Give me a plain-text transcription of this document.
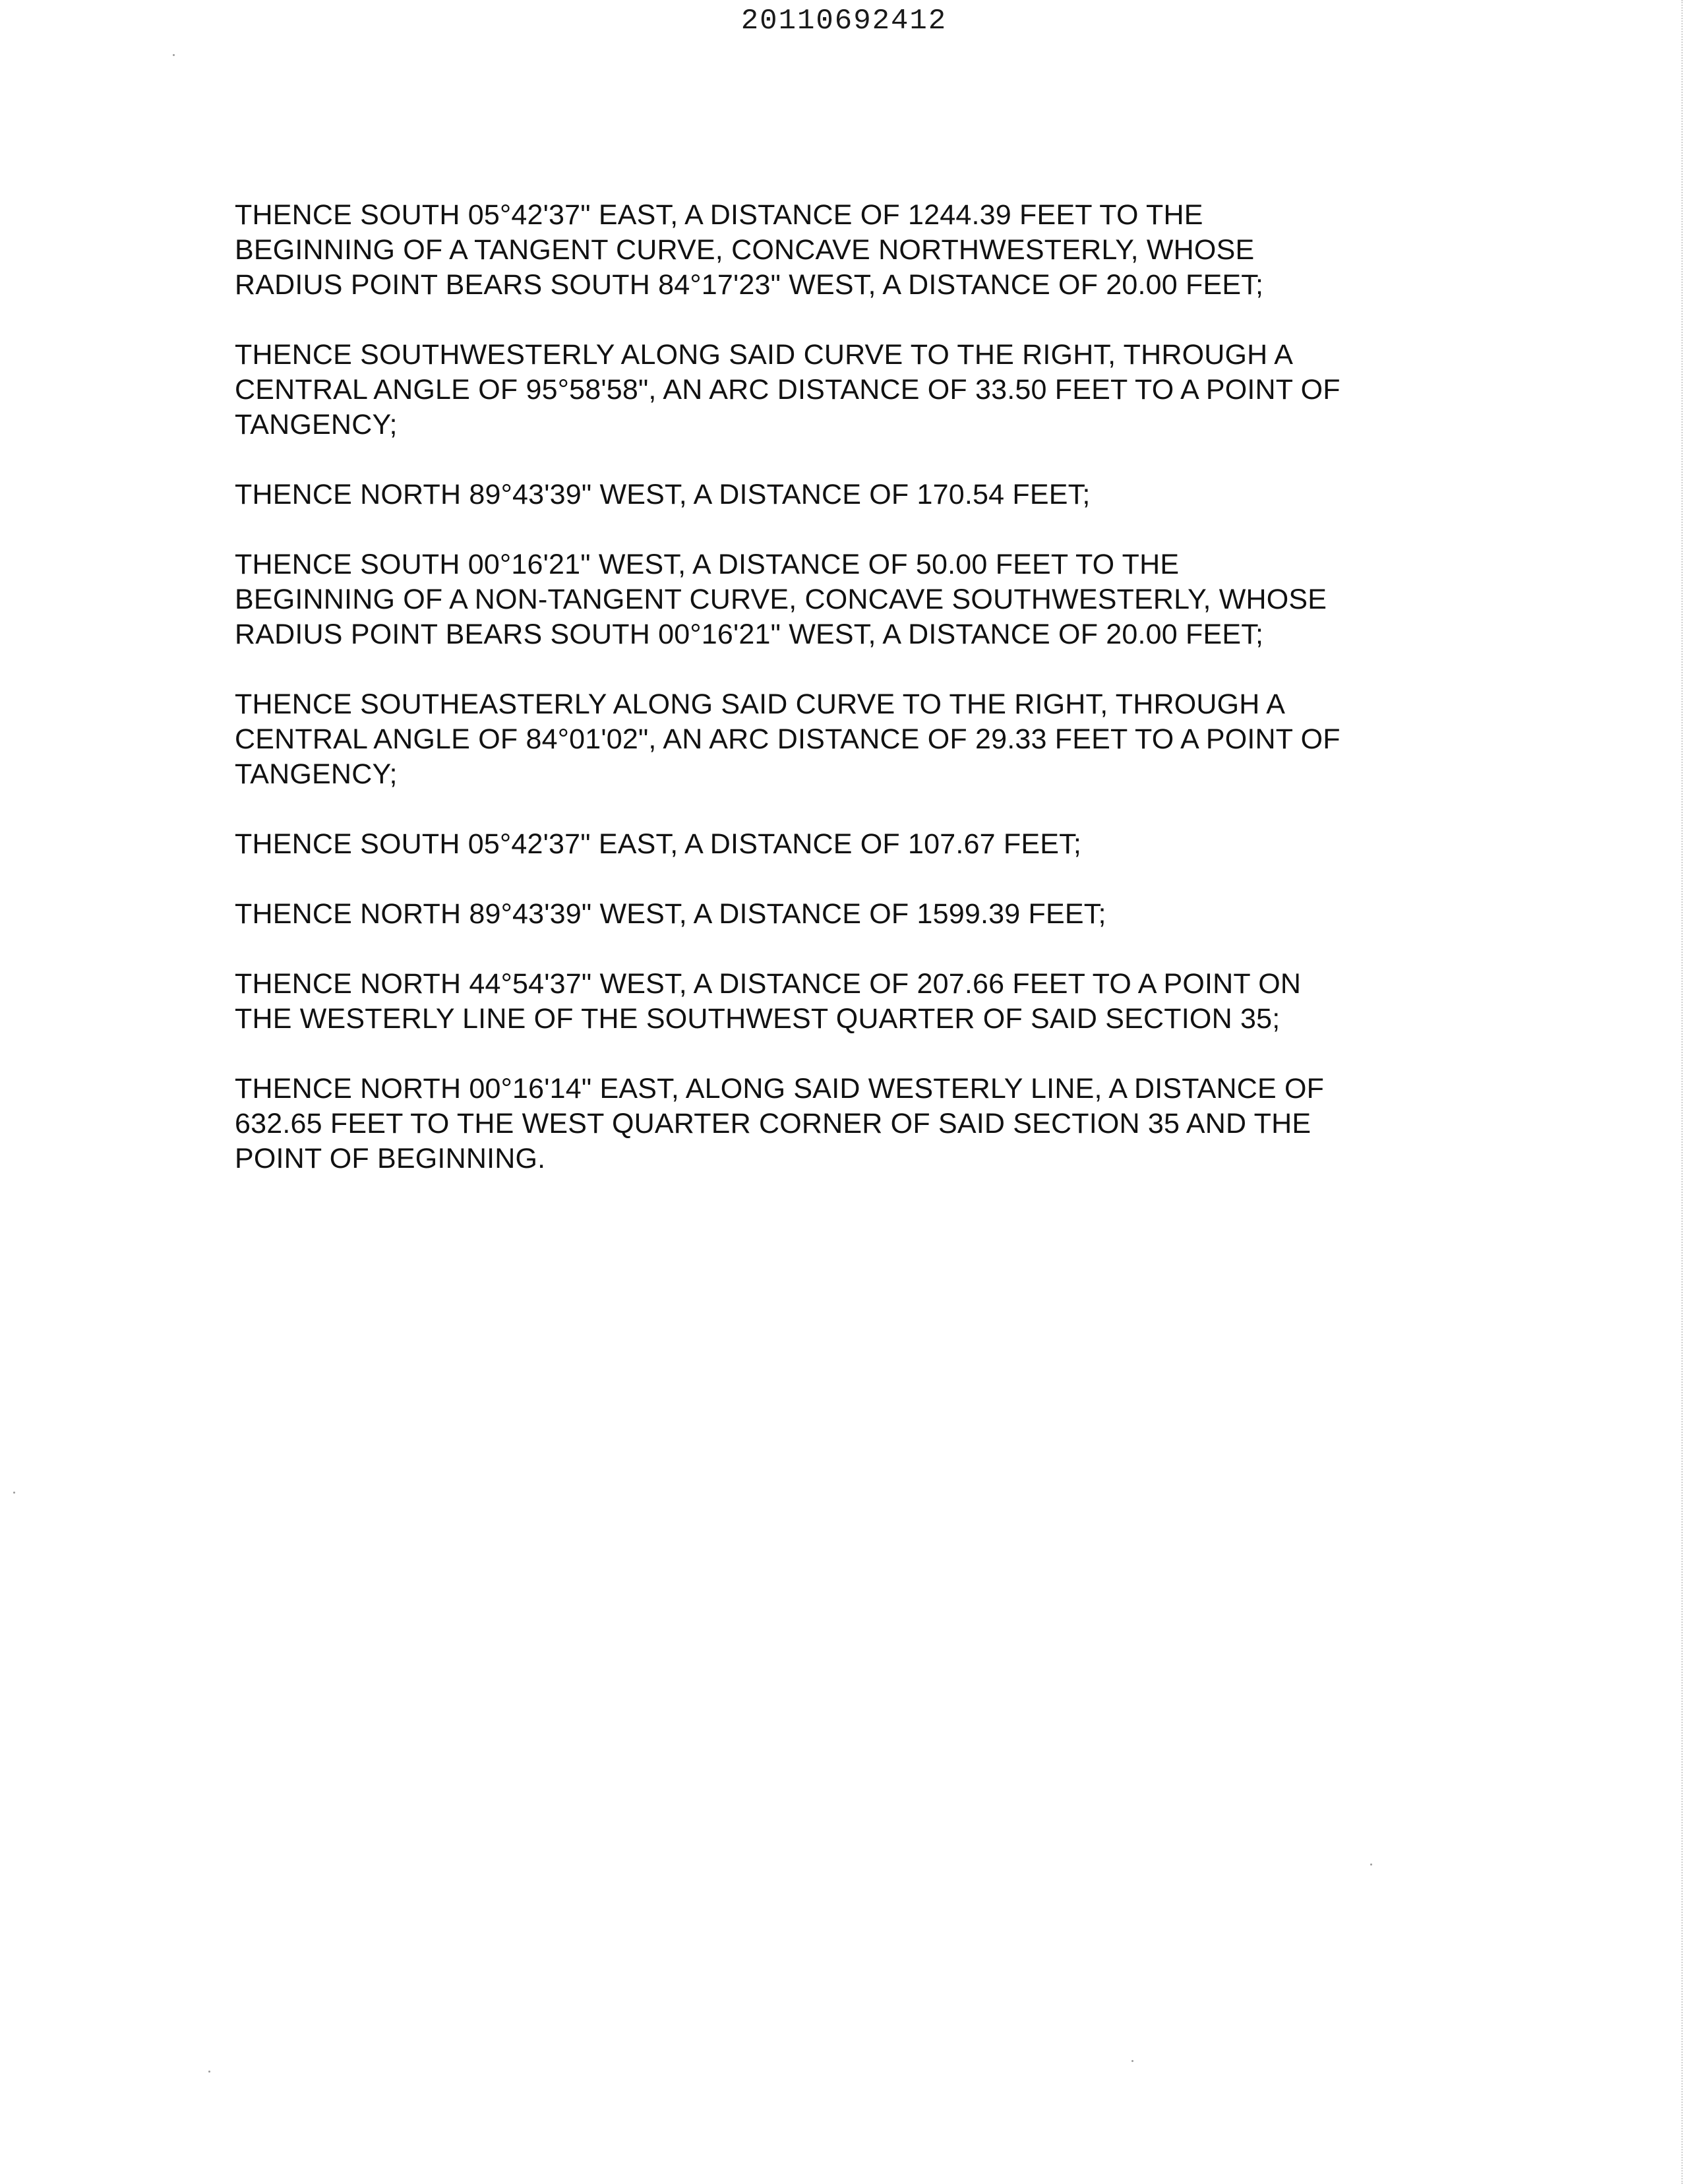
20110692412

THENCE SOUTH 05°42'37" EAST, A DISTANCE OF 1244.39 FEET TO THE
BEGINNING OF A TANGENT CURVE, CONCAVE NORTHWESTERLY, WHOSE
RADIUS POINT BEARS SOUTH 84°17'23" WEST, A DISTANCE OF 20.00 FEET;

THENCE SOUTHWESTERLY ALONG SAID CURVE TO THE RIGHT, THROUGH A
CENTRAL ANGLE OF 95°58'58", AN ARC DISTANCE OF 33.50 FEET TO A POINT OF
TANGENCY;

THENCE NORTH 89°43'39" WEST, A DISTANCE OF 170.54 FEET;

THENCE SOUTH 00°16'21" WEST, A DISTANCE OF 50.00 FEET TO THE
BEGINNING OF A NON-TANGENT CURVE, CONCAVE SOUTHWESTERLY, WHOSE
RADIUS POINT BEARS SOUTH 00°16'21" WEST, A DISTANCE OF 20.00 FEET;

THENCE SOUTHEASTERLY ALONG SAID CURVE TO THE RIGHT, THROUGH A
CENTRAL ANGLE OF 84°01'02", AN ARC DISTANCE OF 29.33 FEET TO A POINT OF
TANGENCY;

THENCE SOUTH 05°42'37" EAST, A DISTANCE OF 107.67 FEET;

THENCE NORTH 89°43'39" WEST, A DISTANCE OF 1599.39 FEET;

THENCE NORTH 44°54'37" WEST, A DISTANCE OF 207.66 FEET TO A POINT ON
THE WESTERLY LINE OF THE SOUTHWEST QUARTER OF SAID SECTION 35;

THENCE NORTH 00°16'14" EAST, ALONG SAID WESTERLY LINE, A DISTANCE OF
632.65 FEET TO THE WEST QUARTER CORNER OF SAID SECTION 35 AND THE
POINT OF BEGINNING.
